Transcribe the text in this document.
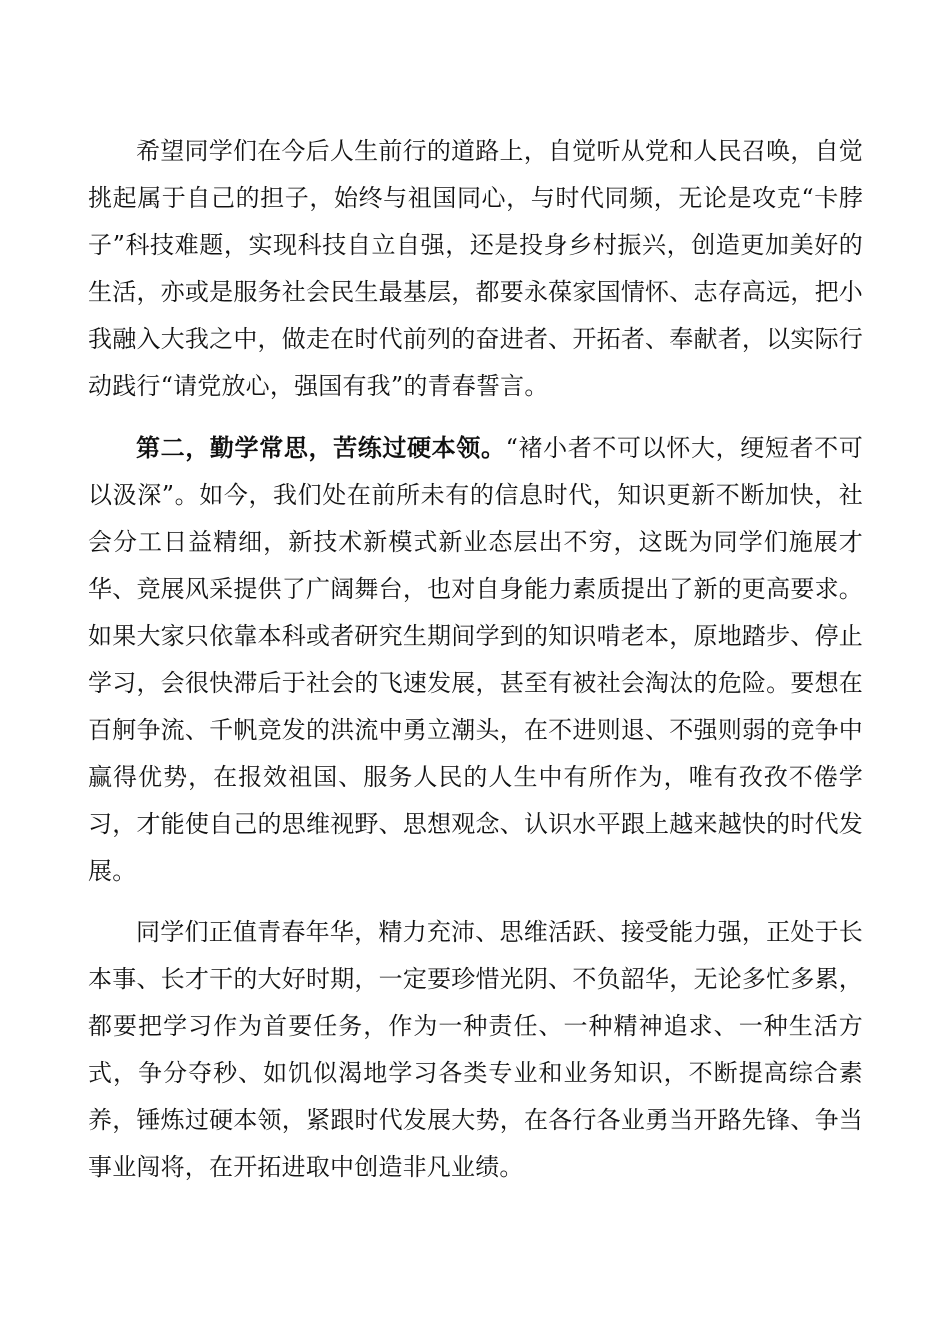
希望同学们在今后人生前行的道路上，自觉听从党和人民召唤，自觉挑起属于自己的担子，始终与祖国同心，与时代同频，无论是攻克“卡脖子”科技难题，实现科技自立自强，还是投身乡村振兴，创造更加美好的生活，亦或是服务社会民生最基层，都要永葆家国情怀、志存高远，把小我融入大我之中，做走在时代前列的奋进者、开拓者、奉献者，以实际行动践行“请党放心，强国有我”的青春誓言。

第二，勤学常思，苦练过硬本领。“褚小者不可以怀大，绠短者不可以汲深”。如今，我们处在前所未有的信息时代，知识更新不断加快，社会分工日益精细，新技术新模式新业态层出不穷，这既为同学们施展才华、竞展风采提供了广阔舞台，也对自身能力素质提出了新的更高要求。如果大家只依靠本科或者研究生期间学到的知识啃老本，原地踏步、停止学习，会很快滞后于社会的飞速发展，甚至有被社会淘汰的危险。要想在百舸争流、千帆竞发的洪流中勇立潮头，在不进则退、不强则弱的竞争中赢得优势，在报效祖国、服务人民的人生中有所作为，唯有孜孜不倦学习，才能使自己的思维视野、思想观念、认识水平跟上越来越快的时代发展。

同学们正值青春年华，精力充沛、思维活跃、接受能力强，正处于长本事、长才干的大好时期，一定要珍惜光阴、不负韶华，无论多忙多累，都要把学习作为首要任务，作为一种责任、一种精神追求、一种生活方式，争分夺秒、如饥似渴地学习各类专业和业务知识，不断提高综合素养，锤炼过硬本领，紧跟时代发展大势，在各行各业勇当开路先锋、争当事业闯将，在开拓进取中创造非凡业绩。
